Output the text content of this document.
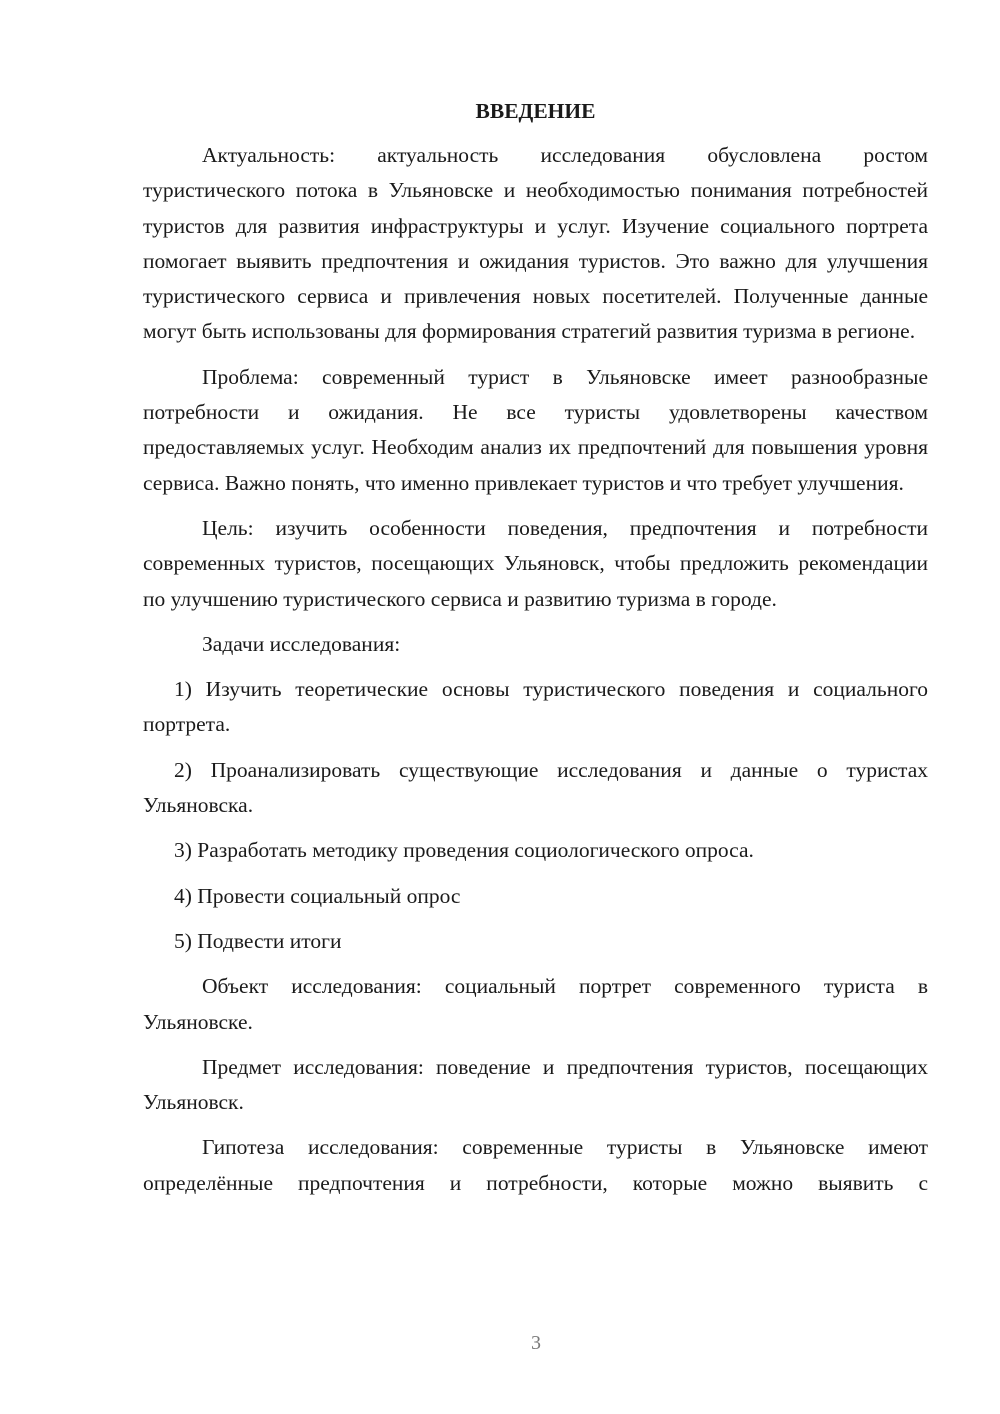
ВВЕДЕНИЕ

Актуальность: актуальность исследования обусловлена ростом туристического потока в Ульяновске и необходимостью понимания потребностей туристов для развития инфраструктуры и услуг. Изучение социального портрета помогает выявить предпочтения и ожидания туристов. Это важно для улучшения туристического сервиса и привлечения новых посетителей. Полученные данные могут быть использованы для формирования стратегий развития туризма в регионе.

Проблема: современный турист в Ульяновске имеет разнообразные потребности и ожидания. Не все туристы удовлетворены качеством предоставляемых услуг. Необходим анализ их предпочтений для повышения уровня сервиса. Важно понять, что именно привлекает туристов и что требует улучшения.

Цель: изучить особенности поведения, предпочтения и потребности современных туристов, посещающих Ульяновск, чтобы предложить рекомендации по улучшению туристического сервиса и развитию туризма в городе.

Задачи исследования:

1) Изучить теоретические основы туристического поведения и социального портрета.

2) Проанализировать существующие исследования и данные о туристах Ульяновска.

3) Разработать методику проведения социологического опроса.

4) Провести социальный опрос

5) Подвести итоги

Объект исследования: социальный портрет современного туриста в Ульяновске.

Предмет исследования: поведение и предпочтения туристов, посещающих Ульяновск.

Гипотеза исследования: современные туристы в Ульяновске имеют определённые предпочтения и потребности, которые можно выявить с

3
